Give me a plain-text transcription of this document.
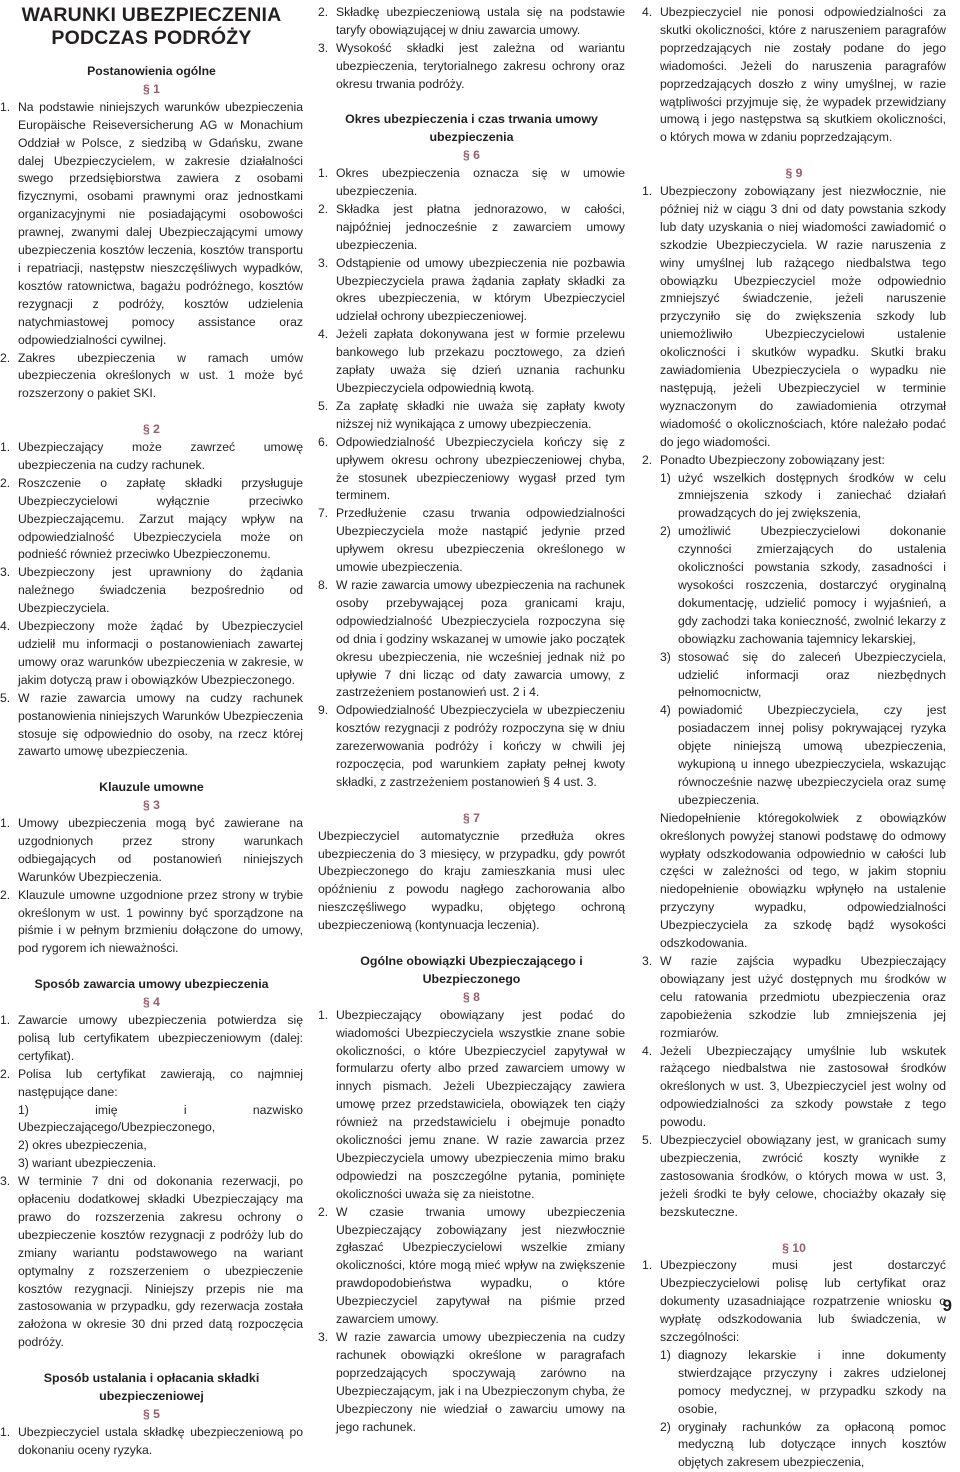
WARUNKI UBEZPIECZENIA
PODCZAS PODRÓŻY
Postanowienia ogólne
§ 1
1. Na podstawie niniejszych warunków ubezpieczenia Europäische Reiseversicherung AG w Monachium Oddział w Polsce, z siedzibą w Gdańsku, zwane dalej Ubezpieczycielem, w zakresie działalności swego przedsiębiorstwa zawiera z osobami fizycznymi, osobami prawnymi oraz jednostkami organizacyjnymi nie posiadającymi osobowości prawnej, zwanymi dalej Ubezpieczającymi umowy ubezpieczenia kosztów leczenia, kosztów transportu i repatriacji, następstw nieszczęśliwych wypadków, kosztów ratownictwa, bagażu podróżnego, kosztów rezygnacji z podróży, kosztów udzielenia natychmiastowej pomocy assistance oraz odpowiedzialności cywilnej.
2. Zakres ubezpieczenia w ramach umów ubezpieczenia określonych w ust. 1 może być rozszerzony o pakiet SKI.
§ 2
1. Ubezpieczający może zawrzeć umowę ubezpieczenia na cudzy rachunek.
2. Roszczenie o zapłatę składki przysługuje Ubezpieczycielowi wyłącznie przeciwko Ubezpieczającemu. Zarzut mający wpływ na odpowiedzialność Ubezpieczyciela może on podnieść również przeciwko Ubezpieczonemu.
3. Ubezpieczony jest uprawniony do żądania należnego świadczenia bezpośrednio od Ubezpieczyciela.
4. Ubezpieczony może żądać by Ubezpieczyciel udzielił mu informacji o postanowieniach zawartej umowy oraz warunków ubezpieczenia w zakresie, w jakim dotyczą praw i obowiązków Ubezpieczonego.
5. W razie zawarcia umowy na cudzy rachunek postanowienia niniejszych Warunków Ubezpieczenia stosuje się odpowiednio do osoby, na rzecz której zawarto umowę ubezpieczenia.
Klauzule umowne
§ 3
1. Umowy ubezpieczenia mogą być zawierane na uzgodnionych przez strony warunkach odbiegających od postanowień niniejszych Warunków Ubezpieczenia.
2. Klauzule umowne uzgodnione przez strony w trybie określonym w ust. 1 powinny być sporządzone na piśmie i w pełnym brzmieniu dołączone do umowy, pod rygorem ich nieważności.
Sposób zawarcia umowy ubezpieczenia
§ 4
1. Zawarcie umowy ubezpieczenia potwierdza się polisą lub certyfikatem ubezpieczeniowym (dalej: certyfikat).
2. Polisa lub certyfikat zawierają, co najmniej następujące dane:
1) imię i nazwisko Ubezpieczającego/Ubezpieczonego,
2) okres ubezpieczenia,
3) wariant ubezpieczenia.
3. W terminie 7 dni od dokonania rezerwacji, po opłaceniu dodatkowej składki Ubezpieczający ma prawo do rozszerzenia zakresu ochrony o ubezpieczenie kosztów rezygnacji z podróży lub do zmiany wariantu podstawowego na wariant optymalny z rozszerzeniem o ubezpieczenie kosztów rezygnacji. Niniejszy przepis nie ma zastosowania w przypadku, gdy rezerwacja została założona w okresie 30 dni przed datą rozpoczęcia podróży.
Sposób ustalania i opłacania składki ubezpieczeniowej
§ 5
1. Ubezpieczyciel ustala składkę ubezpieczeniową po dokonaniu oceny ryzyka.
2. Składkę ubezpieczeniową ustala się na podstawie taryfy obowiązującej w dniu zawarcia umowy.
3. Wysokość składki jest zależna od wariantu ubezpieczenia, terytorialnego zakresu ochrony oraz okresu trwania podróży.
Okres ubezpieczenia i czas trwania umowy ubezpieczenia
§ 6
1. Okres ubezpieczenia oznacza się w umowie ubezpieczenia.
2. Składka jest płatna jednorazowo, w całości, najpóźniej jednocześnie z zawarciem umowy ubezpieczenia.
3. Odstąpienie od umowy ubezpieczenia nie pozbawia Ubezpieczyciela prawa żądania zapłaty składki za okres ubezpieczenia, w którym Ubezpieczyciel udzielał ochrony ubezpieczeniowej.
4. Jeżeli zapłata dokonywana jest w formie przelewu bankowego lub przekazu pocztowego, za dzień zapłaty uważa się dzień uznania rachunku Ubezpieczyciela odpowiednią kwotą.
5. Za zapłatę składki nie uważa się zapłaty kwoty niższej niż wynikająca z umowy ubezpieczenia.
6. Odpowiedzialność Ubezpieczyciela kończy się z upływem okresu ochrony ubezpieczeniowej chyba, że stosunek ubezpieczeniowy wygasł przed tym terminem.
7. Przedłużenie czasu trwania odpowiedzialności Ubezpieczyciela może nastąpić jedynie przed upływem okresu ubezpieczenia określonego w umowie ubezpieczenia.
8. W razie zawarcia umowy ubezpieczenia na rachunek osoby przebywającej poza granicami kraju, odpowiedzialność Ubezpieczyciela rozpoczyna się od dnia i godziny wskazanej w umowie jako początek okresu ubezpieczenia, nie wcześniej jednak niż po upływie 7 dni licząc od daty zawarcia umowy, z zastrzeżeniem postanowień ust. 2 i 4.
9. Odpowiedzialność Ubezpieczyciela w ubezpieczeniu kosztów rezygnacji z podróży rozpoczyna się w dniu zarezerwowania podróży i kończy w chwili jej rozpoczęcia, pod warunkiem zapłaty pełnej kwoty składki, z zastrzeżeniem postanowień § 4 ust. 3.
§ 7
Ubezpieczyciel automatycznie przedłuża okres ubezpieczenia do 3 miesięcy, w przypadku, gdy powrót Ubezpieczonego do kraju zamieszkania musi ulec opóźnieniu z powodu nagłego zachorowania albo nieszczęśliwego wypadku, objętego ochroną ubezpieczeniową (kontynuacja leczenia).
Ogólne obowiązki Ubezpieczającego i Ubezpieczonego
§ 8
1. Ubezpieczający obowiązany jest podać do wiadomości Ubezpieczyciela wszystkie znane sobie okoliczności, o które Ubezpieczyciel zapytywał w formularzu oferty albo przed zawarciem umowy w innych pismach. Jeżeli Ubezpieczający zawiera umowę przez przedstawiciela, obowiązek ten ciąży również na przedstawicielu i obejmuje ponadto okoliczności jemu znane. W razie zawarcia przez Ubezpieczyciela umowy ubezpieczenia mimo braku odpowiedzi na poszczególne pytania, pominięte okoliczności uważa się za nieistotne.
2. W czasie trwania umowy ubezpieczenia Ubezpieczający zobowiązany jest niezwłocznie zgłaszać Ubezpieczycielowi wszelkie zmiany okoliczności, które mogą mieć wpływ na zwiększenie prawdopodobieństwa wypadku, o które Ubezpieczyciel zapytywał na piśmie przed zawarciem umowy.
3. W razie zawarcia umowy ubezpieczenia na cudzy rachunek obowiązki określone w paragrafach poprzedzających spoczywają zarówno na Ubezpieczającym, jak i na Ubezpieczonym chyba, że Ubezpieczony nie wiedział o zawarciu umowy na jego rachunek.
4. Ubezpieczyciel nie ponosi odpowiedzialności za skutki okoliczności, które z naruszeniem paragrafów poprzedzających nie zostały podane do jego wiadomości. Jeżeli do naruszenia paragrafów poprzedzających doszło z winy umyślnej, w razie wątpliwości przyjmuje się, że wypadek przewidziany umową i jego następstwa są skutkiem okoliczności, o których mowa w zdaniu poprzedzającym.
§ 9
1. Ubezpieczony zobowiązany jest niezwłocznie, nie później niż w ciągu 3 dni od daty powstania szkody lub daty uzyskania o niej wiadomości zawiadomić o szkodzie Ubezpieczyciela. W razie naruszenia z winy umyślnej lub rażącego niedbalstwa tego obowiązku Ubezpieczyciel może odpowiednio zmniejszyć świadczenie, jeżeli naruszenie przyczyniło się do zwiększenia szkody lub uniemożliwiło Ubezpieczycielowi ustalenie okoliczności i skutków wypadku. Skutki braku zawiadomienia Ubezpieczyciela o wypadku nie następują, jeżeli Ubezpieczyciel w terminie wyznaczonym do zawiadomienia otrzymał wiadomość o okolicznościach, które należało podać do jego wiadomości.
2. Ponadto Ubezpieczony zobowiązany jest:
1) użyć wszelkich dostępnych środków w celu zmniejszenia szkody i zaniechać działań prowadzących do jej zwiększenia,
2) umożliwić Ubezpieczycielowi dokonanie czynności zmierzających do ustalenia okoliczności powstania szkody, zasadności i wysokości roszczenia, dostarczyć oryginalną dokumentację, udzielić pomocy i wyjaśnień, a gdy zachodzi taka konieczność, zwolnić lekarzy z obowiązku zachowania tajemnicy lekarskiej,
3) stosować się do zaleceń Ubezpieczyciela, udzielić informacji oraz niezbędnych pełnomocnictw,
4) powiadomić Ubezpieczyciela, czy jest posiadaczem innej polisy pokrywającej ryzyka objęte niniejszą umową ubezpieczenia, wykupioną u innego ubezpieczyciela, wskazując równocześnie nazwę ubezpieczyciela oraz sumę ubezpieczenia.
Niedopełnienie któregokolwiek z obowiązków określonych powyżej stanowi podstawę do odmowy wypłaty odszkodowania odpowiednio w całości lub części w zależności od tego, w jakim stopniu niedopełnienie obowiązku wpłynęło na ustalenie przyczyny wypadku, odpowiedzialności Ubezpieczyciela za szkodę bądź wysokości odszkodowania.
3. W razie zajścia wypadku Ubezpieczający obowiązany jest użyć dostępnych mu środków w celu ratowania przedmiotu ubezpieczenia oraz zapobieżenia szkodzie lub zmniejszenia jej rozmiarów.
4. Jeżeli Ubezpieczający umyślnie lub wskutek rażącego niedbalstwa nie zastosował środków określonych w ust. 3, Ubezpieczyciel jest wolny od odpowiedzialności za szkody powstałe z tego powodu.
5. Ubezpieczyciel obowiązany jest, w granicach sumy ubezpieczenia, zwrócić koszty wynikłe z zastosowania środków, o których mowa w ust. 3, jeżeli środki te były celowe, chociażby okazały się bezskuteczne.
§ 10
1. Ubezpieczony musi jest dostarczyć Ubezpieczycielowi polisę lub certyfikat oraz dokumenty uzasadniające rozpatrzenie wniosku o wypłatę odszkodowania lub świadczenia, w szczególności:
1) diagnozy lekarskie i inne dokumenty stwierdzające przyczyny i zakres udzielonej pomocy medycznej, w przypadku szkody na osobie,
2) oryginały rachunków za opłaconą pomoc medyczną lub dotyczące innych kosztów objętych zakresem ubezpieczenia,
9
